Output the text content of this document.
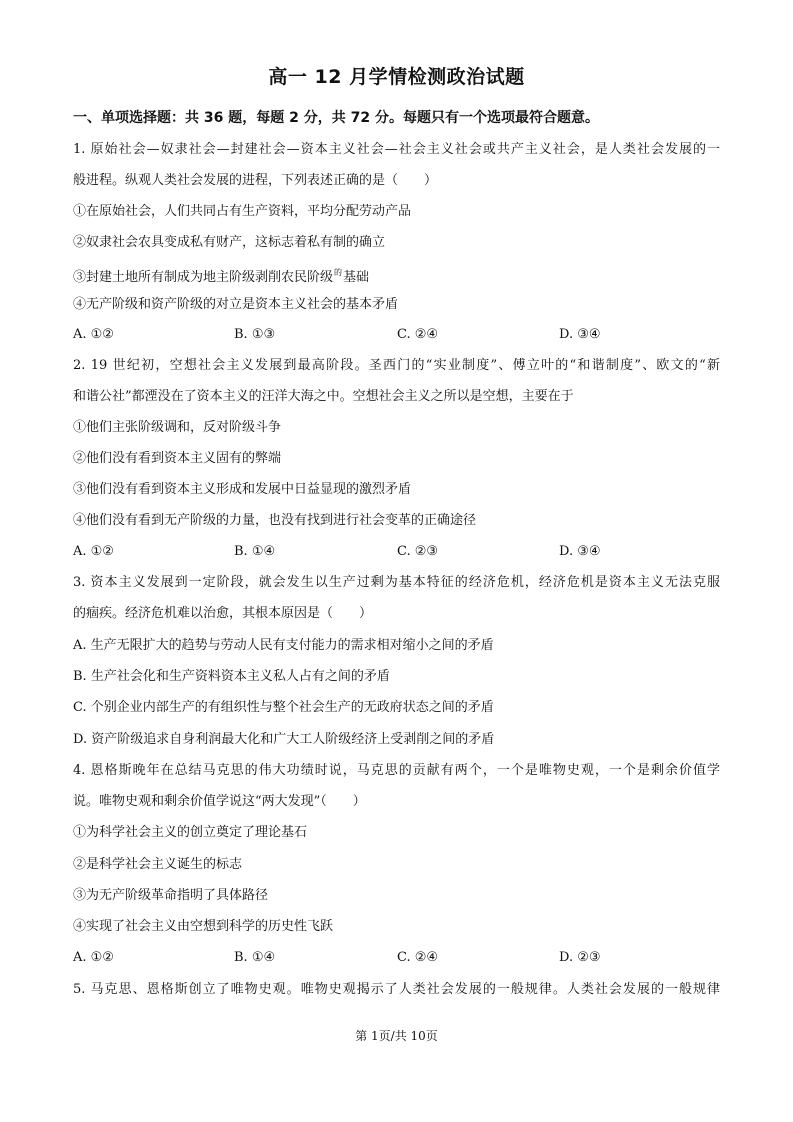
高一 12 月学情检测政治试题
一、单项选择题：共 36 题，每题 2 分，共 72 分。每题只有一个选项最符合题意。
1. 原始社会—奴隶社会—封建社会—资本主义社会—社会主义社会或共产主义社会，是人类社会发展的一
般进程。纵观人类社会发展的进程，下列表述正确的是（　　）
①在原始社会，人们共同占有生产资料，平均分配劳动产品
②奴隶社会农具变成私有财产，这标志着私有制的确立
③封建土地所有制成为地主阶级剥削农民阶级$^的$基础
④无产阶级和资产阶级的对立是资本主义社会的基本矛盾
A. ①②	B. ①③	C. ②④	D. ③④
2. 19 世纪初，空想社会主义发展到最高阶段。圣西门的“实业制度”、傅立叶的“和谐制度”、欧文的“新
和谐公社”都湮没在了资本主义的汪洋大海之中。空想社会主义之所以是空想，主要在于
①他们主张阶级调和，反对阶级斗争
②他们没有看到资本主义固有的弊端
③他们没有看到资本主义形成和发展中日益显现的激烈矛盾
④他们没有看到无产阶级的力量，也没有找到进行社会变革的正确途径
A. ①②	B. ①④	C. ②③	D. ③④
3. 资本主义发展到一定阶段，就会发生以生产过剩为基本特征的经济危机，经济危机是资本主义无法克服
的痼疾。经济危机难以治愈，其根本原因是（　　）
A. 生产无限扩大的趋势与劳动人民有支付能力的需求相对缩小之间的矛盾
B. 生产社会化和生产资料资本主义私人占有之间的矛盾
C. 个别企业内部生产的有组织性与整个社会生产的无政府状态之间的矛盾
D. 资产阶级追求自身利润最大化和广大工人阶级经济上受剥削之间的矛盾
4. 恩格斯晚年在总结马克思的伟大功绩时说，马克思的贡献有两个，一个是唯物史观，一个是剩余价值学
说。唯物史观和剩余价值学说这“两大发现”（　　）
①为科学社会主义的创立奠定了理论基石
②是科学社会主义诞生的标志
③为无产阶级革命指明了具体路径
④实现了社会主义由空想到科学的历史性飞跃
A. ①②	B. ①④	C. ②④	D. ②③
5. 马克思、恩格斯创立了唯物史观。唯物史观揭示了人类社会发展的一般规律。人类社会发展的一般规律
第 1页/共 10页
